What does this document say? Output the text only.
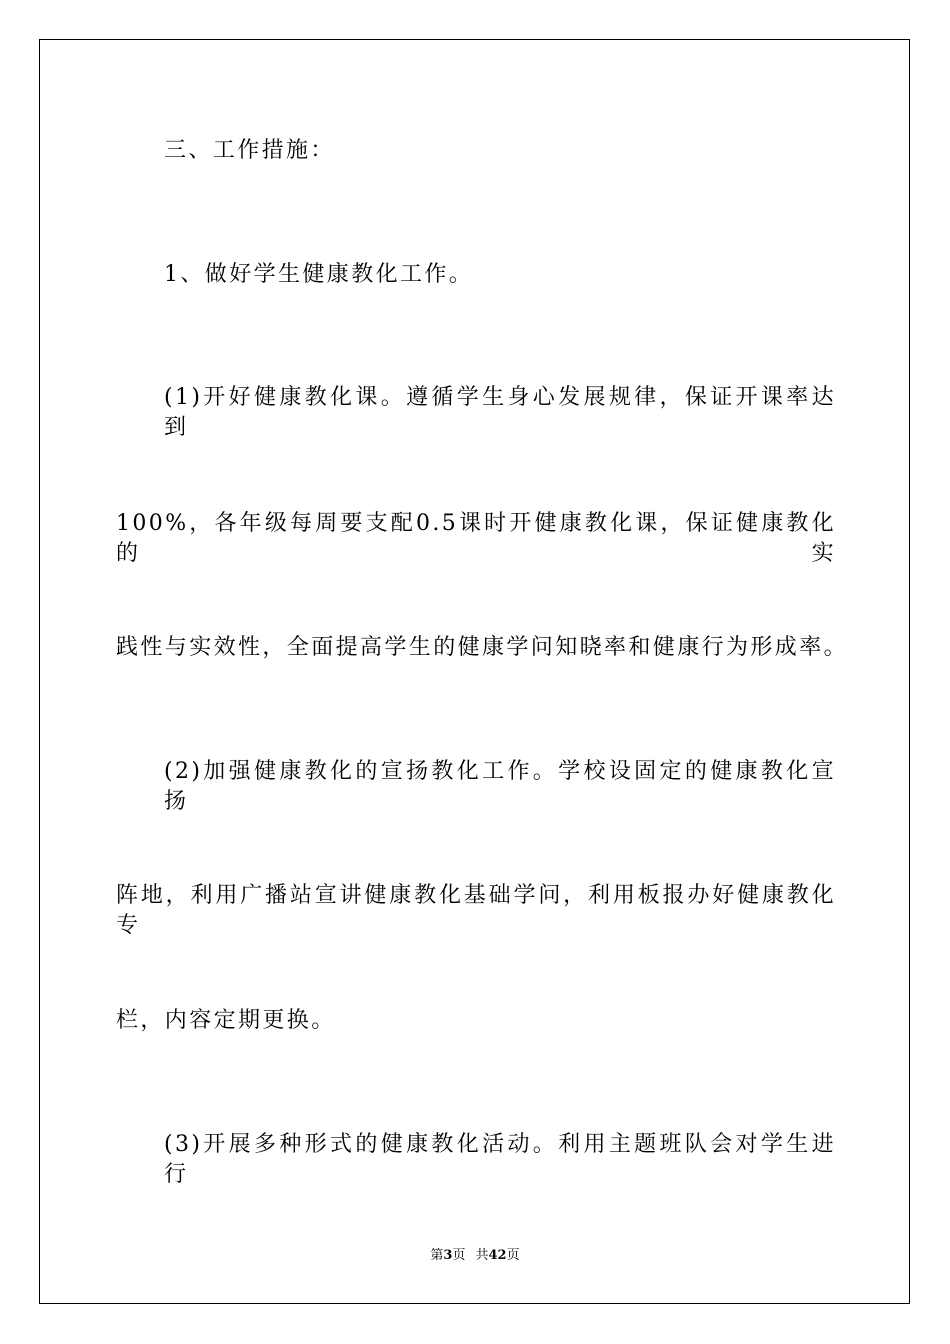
三、工作措施：
1、做好学生健康教化工作。
(1)开好健康教化课。遵循学生身心发展规律，保证开课率达到
100%，各年级每周要支配0.5课时开健康教化课，保证健康教化的实
践性与实效性，全面提高学生的健康学问知晓率和健康行为形成率。
(2)加强健康教化的宣扬教化工作。学校设固定的健康教化宣扬
阵地，利用广播站宣讲健康教化基础学问，利用板报办好健康教化专
栏，内容定期更换。
(3)开展多种形式的健康教化活动。利用主题班队会对学生进行
第3页 共42页
